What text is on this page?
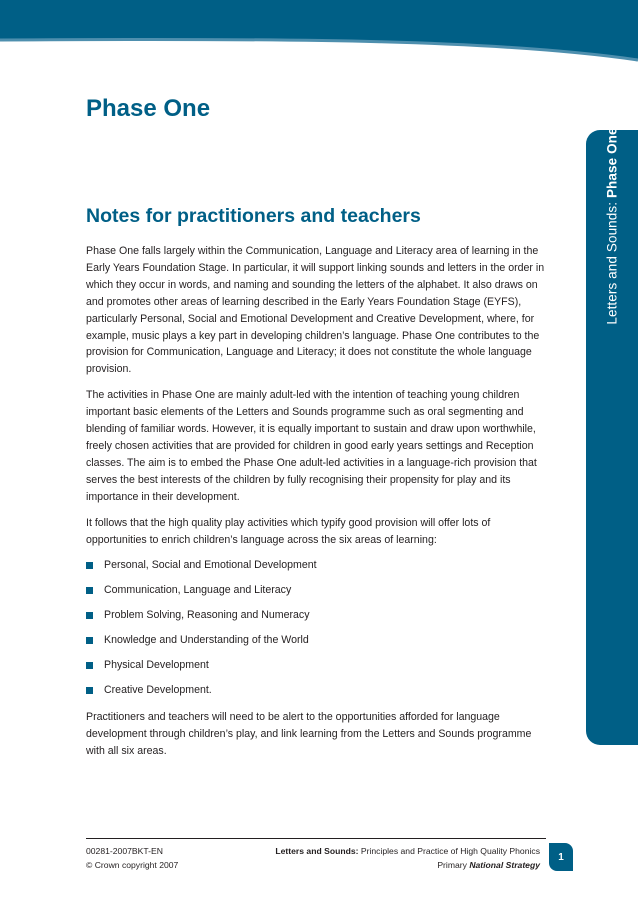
Letters and Sounds: Phase One
Phase One
Notes for practitioners and teachers

Phase One falls largely within the Communication, Language and Literacy area of learning in the Early Years Foundation Stage. In particular, it will support linking sounds and letters in the order in which they occur in words, and naming and sounding the letters of the alphabet. It also draws on and promotes other areas of learning described in the Early Years Foundation Stage (EYFS), particularly Personal, Social and Emotional Development and Creative Development, where, for example, music plays a key part in developing children’s language. Phase One contributes to the provision for Communication, Language and Literacy; it does not constitute the whole language provision.

The activities in Phase One are mainly adult-led with the intention of teaching young children important basic elements of the Letters and Sounds programme such as oral segmenting and blending of familiar words. However, it is equally important to sustain and draw upon worthwhile, freely chosen activities that are provided for children in good early years settings and Reception classes. The aim is to embed the Phase One adult-led activities in a language-rich provision that serves the best interests of the children by fully recognising their propensity for play and its importance in their development.

It follows that the high quality play activities which typify good provision will offer lots of opportunities to enrich children’s language across the six areas of learning:

Personal, Social and Emotional Development
Communication, Language and Literacy
Problem Solving, Reasoning and Numeracy
Knowledge and Understanding of the World
Physical Development
Creative Development.

Practitioners and teachers will need to be alert to the opportunities afforded for language development through children’s play, and link learning from the Letters and Sounds programme with all six areas.

00281-2007BKT-EN
© Crown copyright 2007
Letters and Sounds: Principles and Practice of High Quality Phonics
Primary National Strategy
1
